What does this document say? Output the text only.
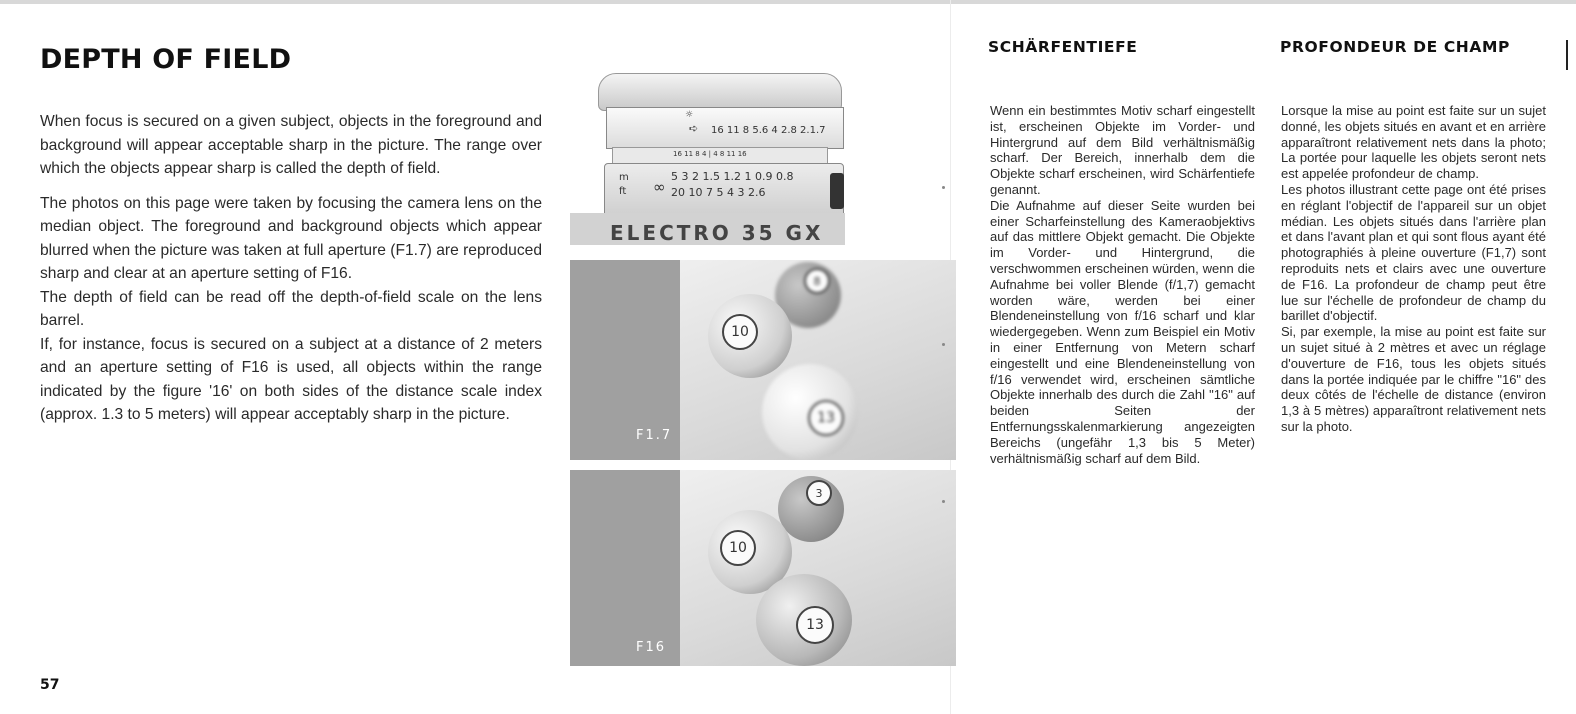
DEPTH OF FIELD

When focus is secured on a given subject, objects in the foreground and background will appear acceptable sharp in the picture. The range over which the objects appear sharp is called the depth of field.

The photos on this page were taken by focusing the camera lens on the median object. The foreground and background objects which appear blurred when the picture was taken at full aperture (F1.7) are reproduced sharp and clear at an aperture setting of F16.

The depth of field can be read off the depth-of-field scale on the lens barrel.

If, for instance, focus is secured on a subject at a distance of 2 meters and an aperture setting of F16 is used, all objects within the range indicated by the figure '16' on both sides of the distance scale index (approx. 1.3 to 5 meters) will appear acceptably sharp in the picture.

57
☼
➪ 16 11 8 5.6 4 2.8 2.1.7
16 11 8 4 | 4 8 11 16
m
ft ∞
5 3 2 1.5 1.2 1 0.9 0.8
20 10 7 5 4 3 2.6
ELECTRO 35 GX
F1.7
8
10
13
F16
3
10
13
SCHÄRFENTIEFE	PROFONDEUR DE CHAMP

Wenn ein bestimmtes Motiv scharf eingestellt ist, erscheinen Objekte im Vorder- und Hintergrund auf dem Bild verhältnismäßig scharf. Der Bereich, innerhalb dem die Objekte scharf erscheinen, wird Schärfentiefe genannt.

Die Aufnahme auf dieser Seite wurden bei einer Scharfeinstellung des Kameraobjektivs auf das mittlere Objekt gemacht. Die Objekte im Vorder- und Hintergrund, die verschwommen erscheinen würden, wenn die Aufnahme bei voller Blende (f/1,7) gemacht worden wäre, werden bei einer Blendeneinstellung von f/16 scharf und klar wiedergegeben. Wenn zum Beispiel ein Motiv in einer Entfernung von Metern scharf eingestellt und eine Blendeneinstellung von f/16 verwendet wird, erscheinen sämtliche Objekte innerhalb des durch die Zahl "16" auf beiden Seiten der Entfernungsskalenmarkierung angezeigten Bereichs (ungefähr 1,3 bis 5 Meter) verhältnismäßig scharf auf dem Bild.

Lorsque la mise au point est faite sur un sujet donné, les objets situés en avant et en arrière apparaîtront relativement nets dans la photo; La portée pour laquelle les objets seront nets est appelée profondeur de champ.

Les photos illustrant cette page ont été prises en réglant l'objectif de l'appareil sur un objet médian. Les objets situés dans l'arrière plan et dans l'avant plan et qui sont flous ayant été photographiés à pleine ouverture (F1,7) sont reproduits nets et clairs avec une ouverture de F16. La profondeur de champ peut être lue sur l'échelle de profondeur de champ du barillet d'objectif.

Si, par exemple, la mise au point est faite sur un sujet situé à 2 mètres et avec un réglage d'ouverture de F16, tous les objets situés dans la portée indiquée par le chiffre "16" des deux côtés de l'échelle de distance (environ 1,3 à 5 mètres) apparaîtront relativement nets sur la photo.
